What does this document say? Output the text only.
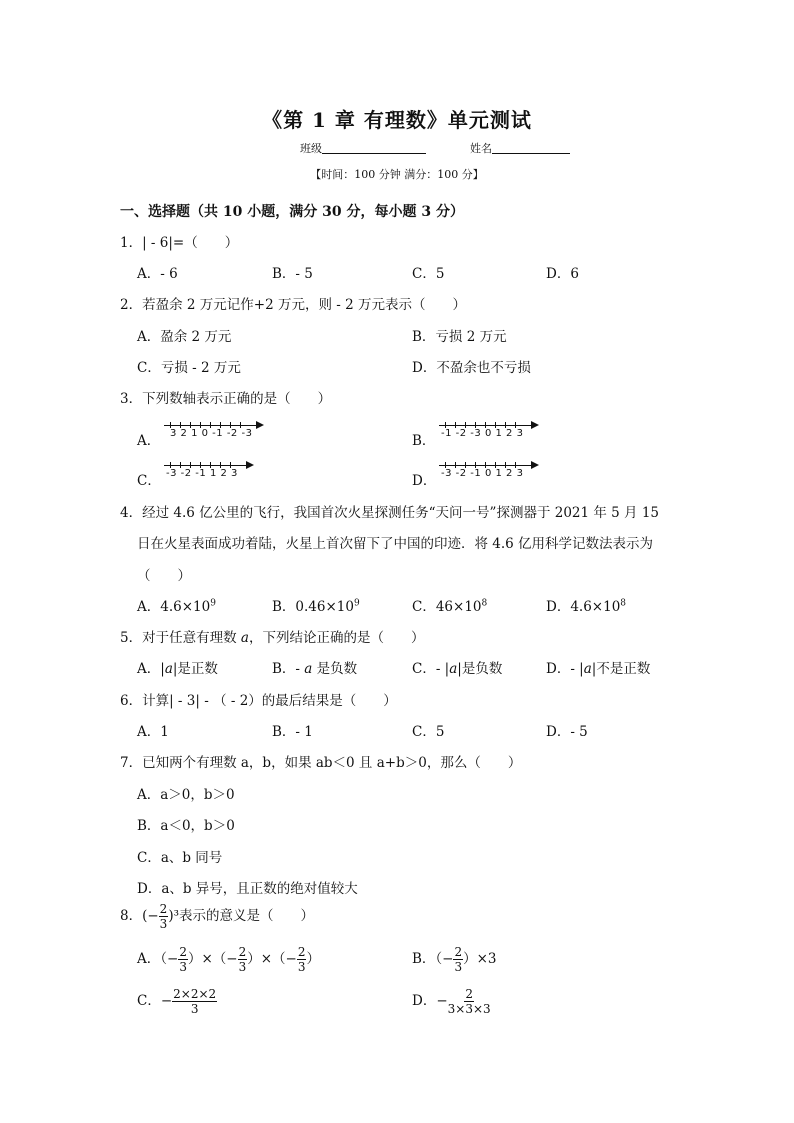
《第 1 章 有理数》单元测试
班级	姓名
【时间：100 分钟 满分：100 分】
一、选择题（共 10 小题，满分 30 分，每小题 3 分）
1．| - 6|=（　　）
A．- 6	B．- 5	C．5	D．6
2．若盈余 2 万元记作+2 万元，则 - 2 万元表示（　　）
A．盈余 2 万元	B．亏损 2 万元
C．亏损 - 2 万元	D．不盈余也不亏损
3．下列数轴表示正确的是（　　）
A． 3 2 1 0 -1 -2 -3	B． -1 -2 -3 0 1 2 3
C． -3 -2 -1 1 2 3	D． -3 -2 -1 0 1 2 3
4．经过 4.6 亿公里的飞行，我国首次火星探测任务“天问一号”探测器于 2021 年 5 月 15
日在火星表面成功着陆，火星上首次留下了中国的印迹．将 4.6 亿用科学记数法表示为
（　　）
A．$4.6\times 10^9$	B．$0.46\times 10^9$	C．$46\times 10^8$	D．$4.6\times 10^8$
5．对于任意有理数 a，下列结论正确的是（　　）
A．|a|是正数	B．- a 是负数	C．- |a|是负数	D．- |a|不是正数
6．计算| - 3| - （ - 2）的最后结果是（　　）
A．1	B．- 1	C．5	D．- 5
7．已知两个有理数 a，b，如果 ab＜0 且 a+b＞0，那么（　　）
A．a＞0，b＞0
B．a＜0，b＞0
C．a、b 同号
D．a、b 异号，且正数的绝对值较大
8．(− $\frac{2}{3} )^3$表示的意义是（　　）
A．（− $\frac{2}{3}$ ）×（− $\frac{2}{3}$ ）×（− $\frac{2}{3}$ ）	B．（− $\frac{2}{3} )\times 3$
C．− $\frac{2\times 2\times 2}{3}$	D．− $\frac{2}{3\times 3\times 3}$
